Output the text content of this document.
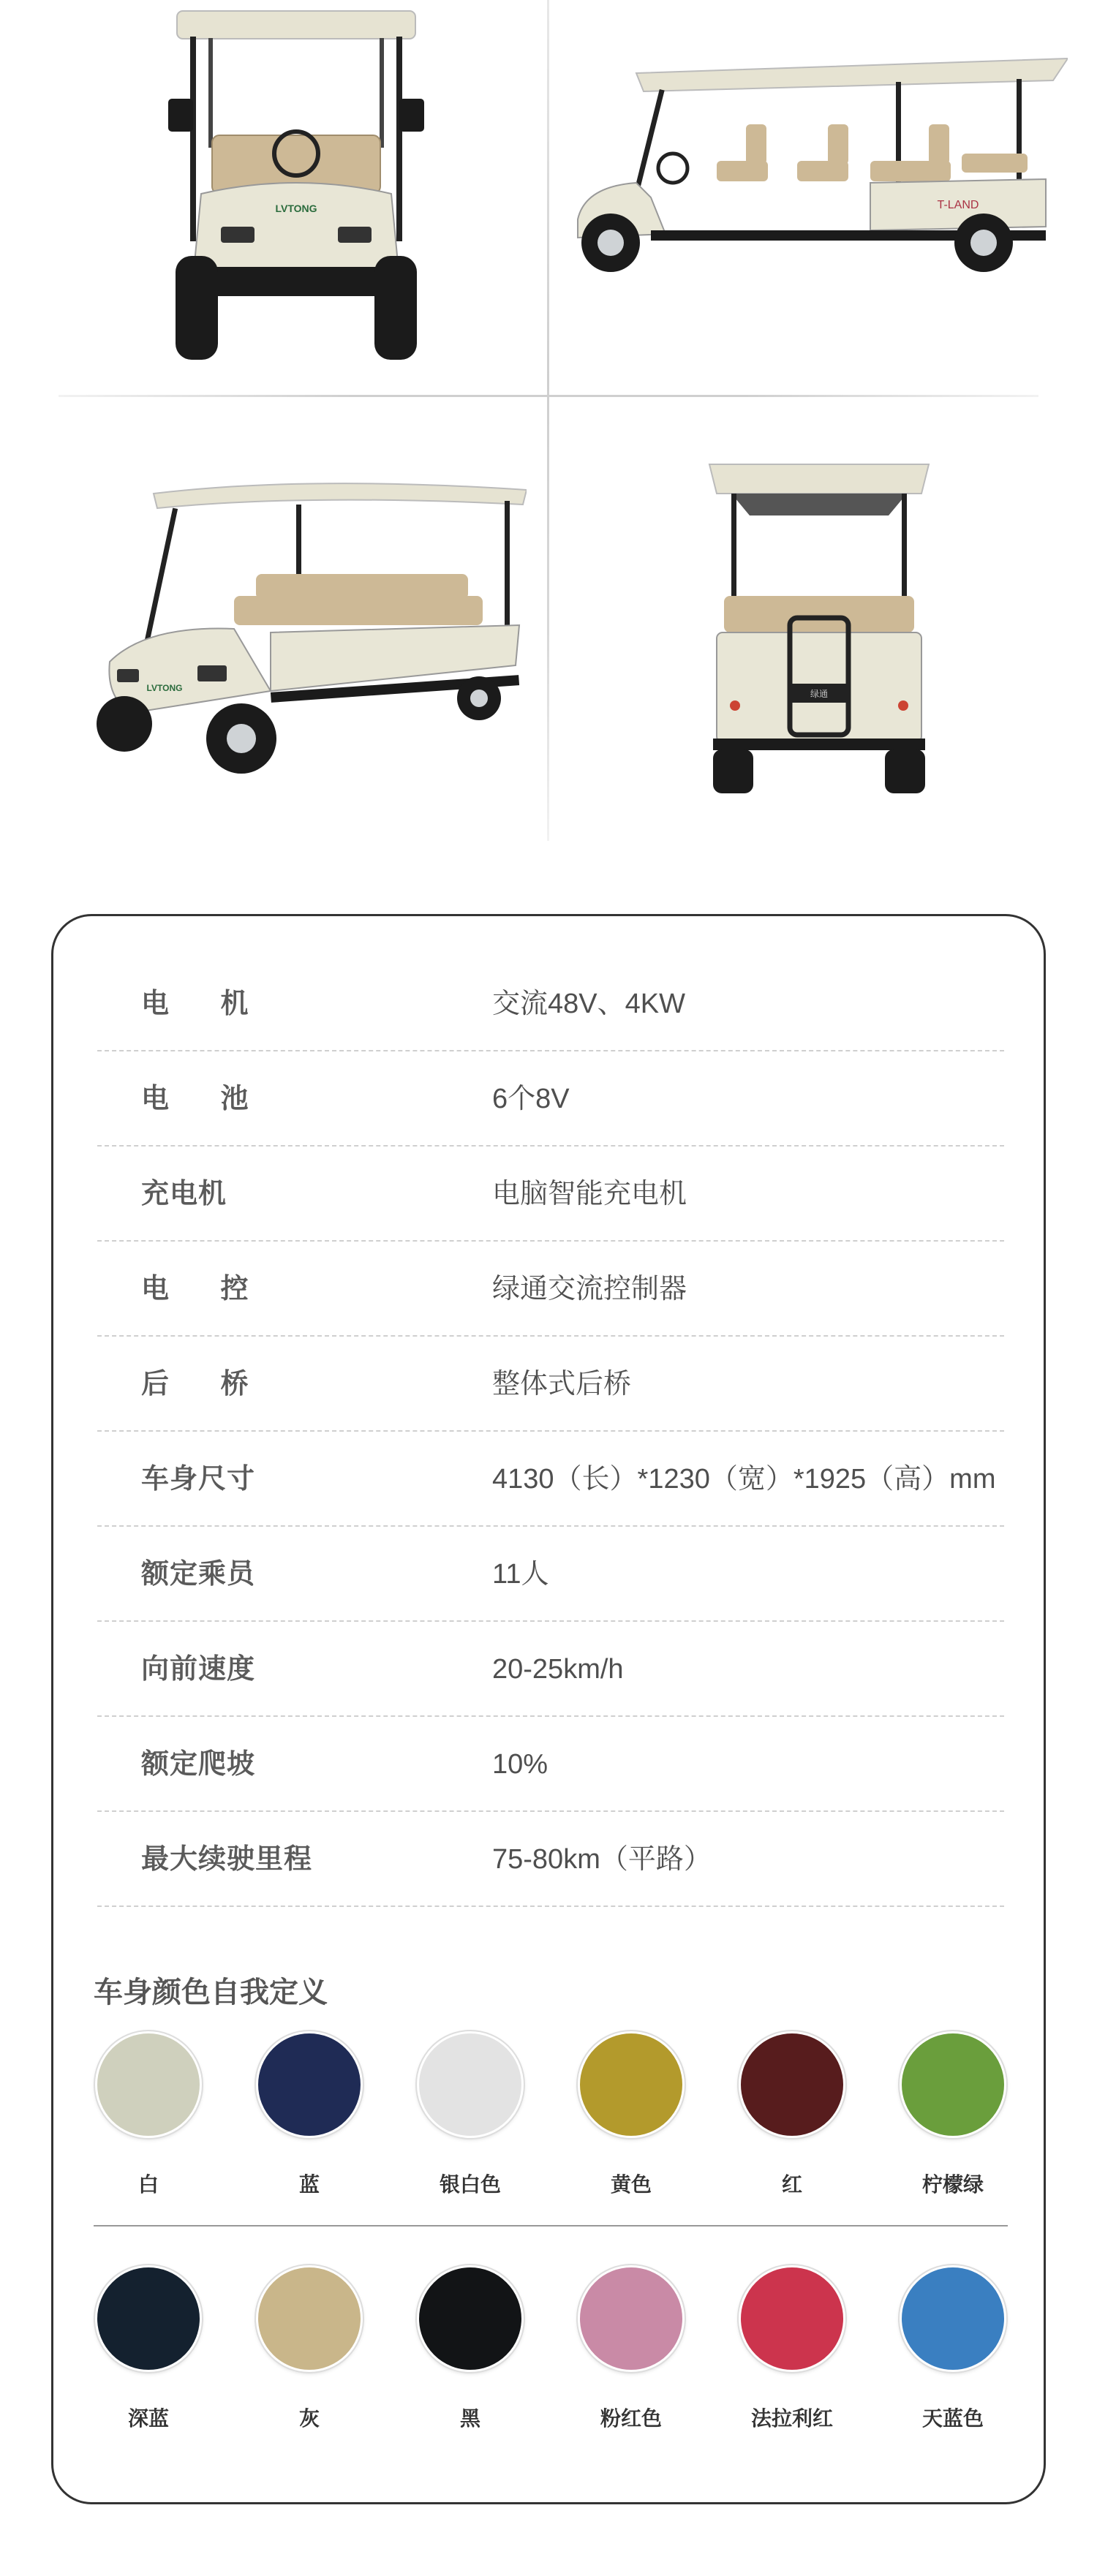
LVTONG	T-LAND
LVTONG
绿通
电 机	交流48V、4KW
电 池	6个8V
充电机	电脑智能充电机
电 控	绿通交流控制器
后 桥	整体式后桥
车身尺寸	4130（长）*1230（宽）*1925（高）mm
额定乘员	11人
向前速度	20-25km/h
额定爬坡	10%
最大续驶里程	75-80km（平路）
车身颜色自我定义
白	蓝	银白色	黄色	红	柠檬绿
深蓝	灰	黑	粉红色	法拉利红	天蓝色
